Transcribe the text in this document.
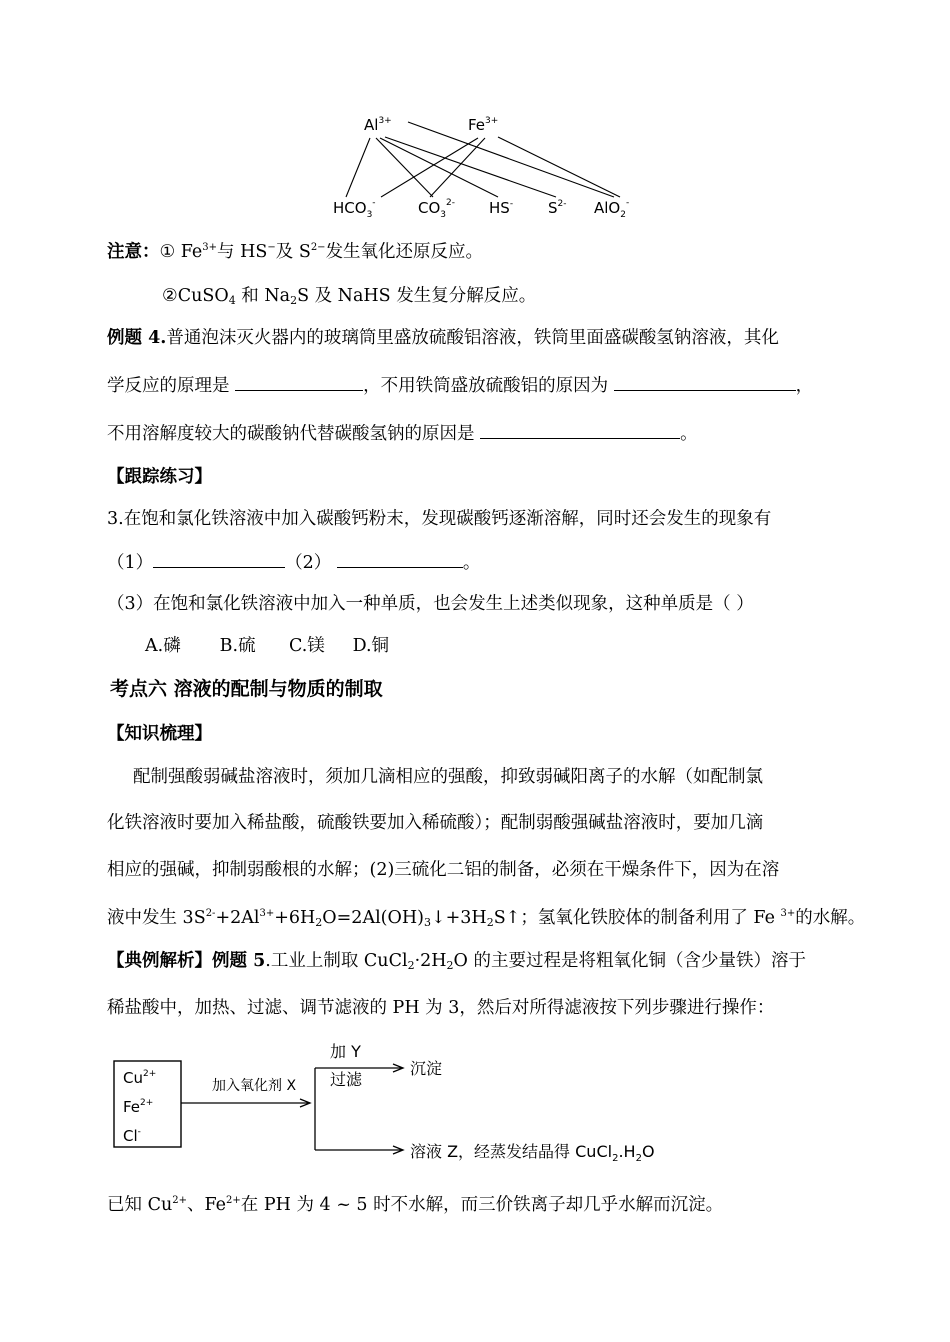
$Al^{3+}$	$Fe^{3+}$
$HCO_3^-$	$CO_3^{2-}$ HS- $S^{2-}$ AlO$_2$-
注意：① $Fe^{3+}$与 HS−及 $S^{2-}$发生氧化还原反应。
②CuSO$_4$ 和 $Na_2S$ 及 NaHS 发生复分解反应。
例题 4.普通泡沫灭火器内的玻璃筒里盛放硫酸铝溶液，铁筒里面盛碳酸氢钠溶液，其化
学反应的原理是	，不用铁筒盛放硫酸铝的原因为	，
不用溶解度较大的碳酸钠代替碳酸氢钠的原因是	。
【跟踪练习】
3.在饱和氯化铁溶液中加入碳酸钙粉末，发现碳酸钙逐渐溶解，同时还会发生的现象有
（1）	（2）	。
（3）在饱和氯化铁溶液中加入一种单质，也会发生上述类似现象，这种单质是（ ）
A.磷       B.硫      C.镁     D.铜
考点六 溶液的配制与物质的制取
【知识梳理】
配制强酸弱碱盐溶液时，须加几滴相应的强酸，抑致弱碱阳离子的水解（如配制氯
化铁溶液时要加入稀盐酸，硫酸铁要加入稀硫酸）；配制弱酸强碱盐溶液时，要加几滴
相应的强碱，抑制弱酸根的水解；(2)三硫化二铝的制备，必须在干燥条件下，因为在溶
液中发生 $3S^{2-}+2Al^{3+}+6H_2O=2Al(OH)_3↓+3H_2S↑$；氢氧化铁胶体的制备利用了 Fe $^{3+}$的水解。
【典例解析】例题 5.工业上制取 $CuCl_2\cdot 2H_2O$ 的主要过程是将粗氧化铜（含少量铁）溶于
稀盐酸中，加热、过滤、调节滤液的 PH 为 3，然后对所得滤液按下列步骤进行操作：
$Cu^{2+}$
$Fe^{2+}$
Cl-
加入氧化剂 X
加 Y
过滤
沉淀
溶液 Z，经蒸发结晶得 $CuCl_2.H_2O$
已知 $Cu^{2+}$、$Fe^{2+}$在 PH 为 4 ~ 5 时不水解，而三价铁离子却几乎水解而沉淀。
